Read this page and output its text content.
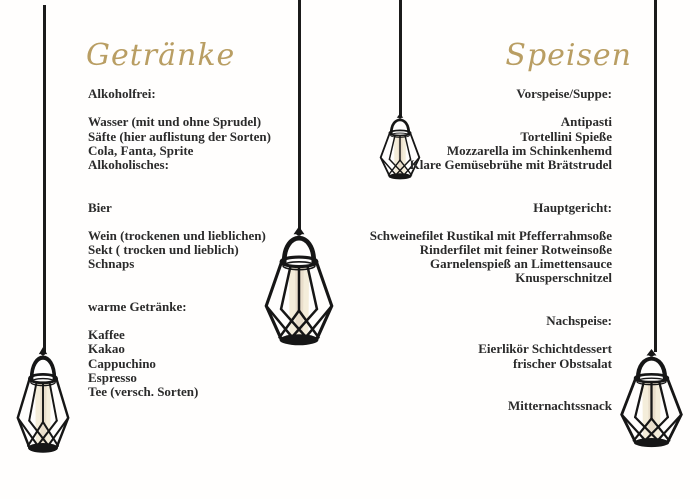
Getränke	Speisen
Alkoholfrei:

Wasser (mit und ohne Sprudel)
Säfte (hier auflistung der Sorten)
Cola, Fanta, Sprite
Alkoholisches:

Bier

Wein (trockenen und lieblichen)
Sekt ( trocken und lieblich)
Schnaps

warme Getränke:

Kaffee
Kakao
Cappuchino
Espresso
Tee (versch. Sorten)
Vorspeise/Suppe:

Antipasti
Tortellini Spieße
Mozzarella im Schinkenhemd
Klare Gemüsebrühe mit Brätstrudel

Hauptgericht:

Schweinefilet Rustikal mit Pfefferrahmsoße
Rinderfilet mit feiner Rotweinsoße
Garnelenspieß an Limettensauce
Knusperschnitzel

Nachspeise:

Eierlikör Schichtdessert
frischer Obstsalat

Mitternachtssnack
